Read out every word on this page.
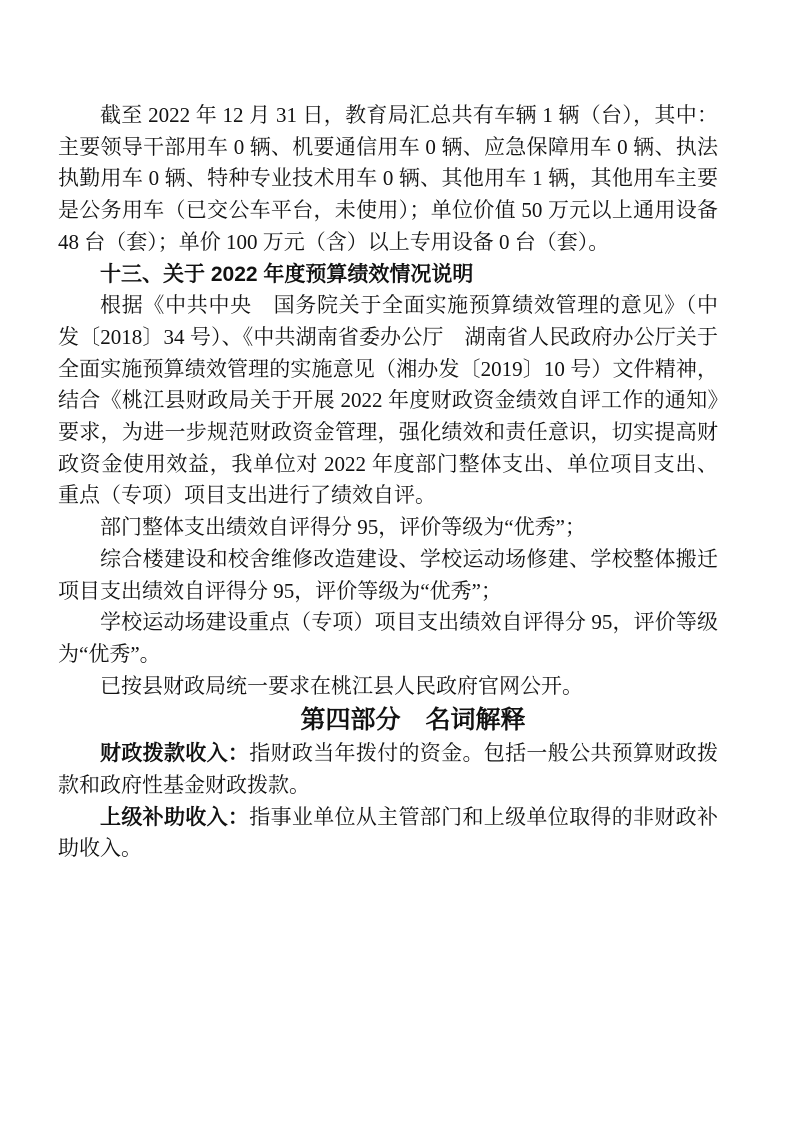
截至 2022 年 12 月 31 日，教育局汇总共有车辆 1 辆（台），其中：主要领导干部用车 0 辆、机要通信用车 0 辆、应急保障用车 0 辆、执法执勤用车 0 辆、特种专业技术用车 0 辆、其他用车 1 辆，其他用车主要是公务用车（已交公车平台，未使用）；单位价值 50 万元以上通用设备 48 台（套）；单价 100 万元（含）以上专用设备 0 台（套）。

十三、关于 2022 年度预算绩效情况说明

根据《中共中央　国务院关于全面实施预算绩效管理的意见》（中发〔2018〕34 号）、《中共湖南省委办公厅　湖南省人民政府办公厅关于全面实施预算绩效管理的实施意见（湘办发〔2019〕10 号）文件精神，结合《桃江县财政局关于开展 2022 年度财政资金绩效自评工作的通知》要求，为进一步规范财政资金管理，强化绩效和责任意识，切实提高财政资金使用效益，我单位对 2022 年度部门整体支出、单位项目支出、重点（专项）项目支出进行了绩效自评。

部门整体支出绩效自评得分 95，评价等级为“优秀”；

综合楼建设和校舍维修改造建设、学校运动场修建、学校整体搬迁项目支出绩效自评得分 95，评价等级为“优秀”；

学校运动场建设重点（专项）项目支出绩效自评得分 95，评价等级为“优秀”。

已按县财政局统一要求在桃江县人民政府官网公开。

第四部分　名词解释

财政拨款收入：指财政当年拨付的资金。包括一般公共预算财政拨款和政府性基金财政拨款。

上级补助收入：指事业单位从主管部门和上级单位取得的非财政补助收入。
